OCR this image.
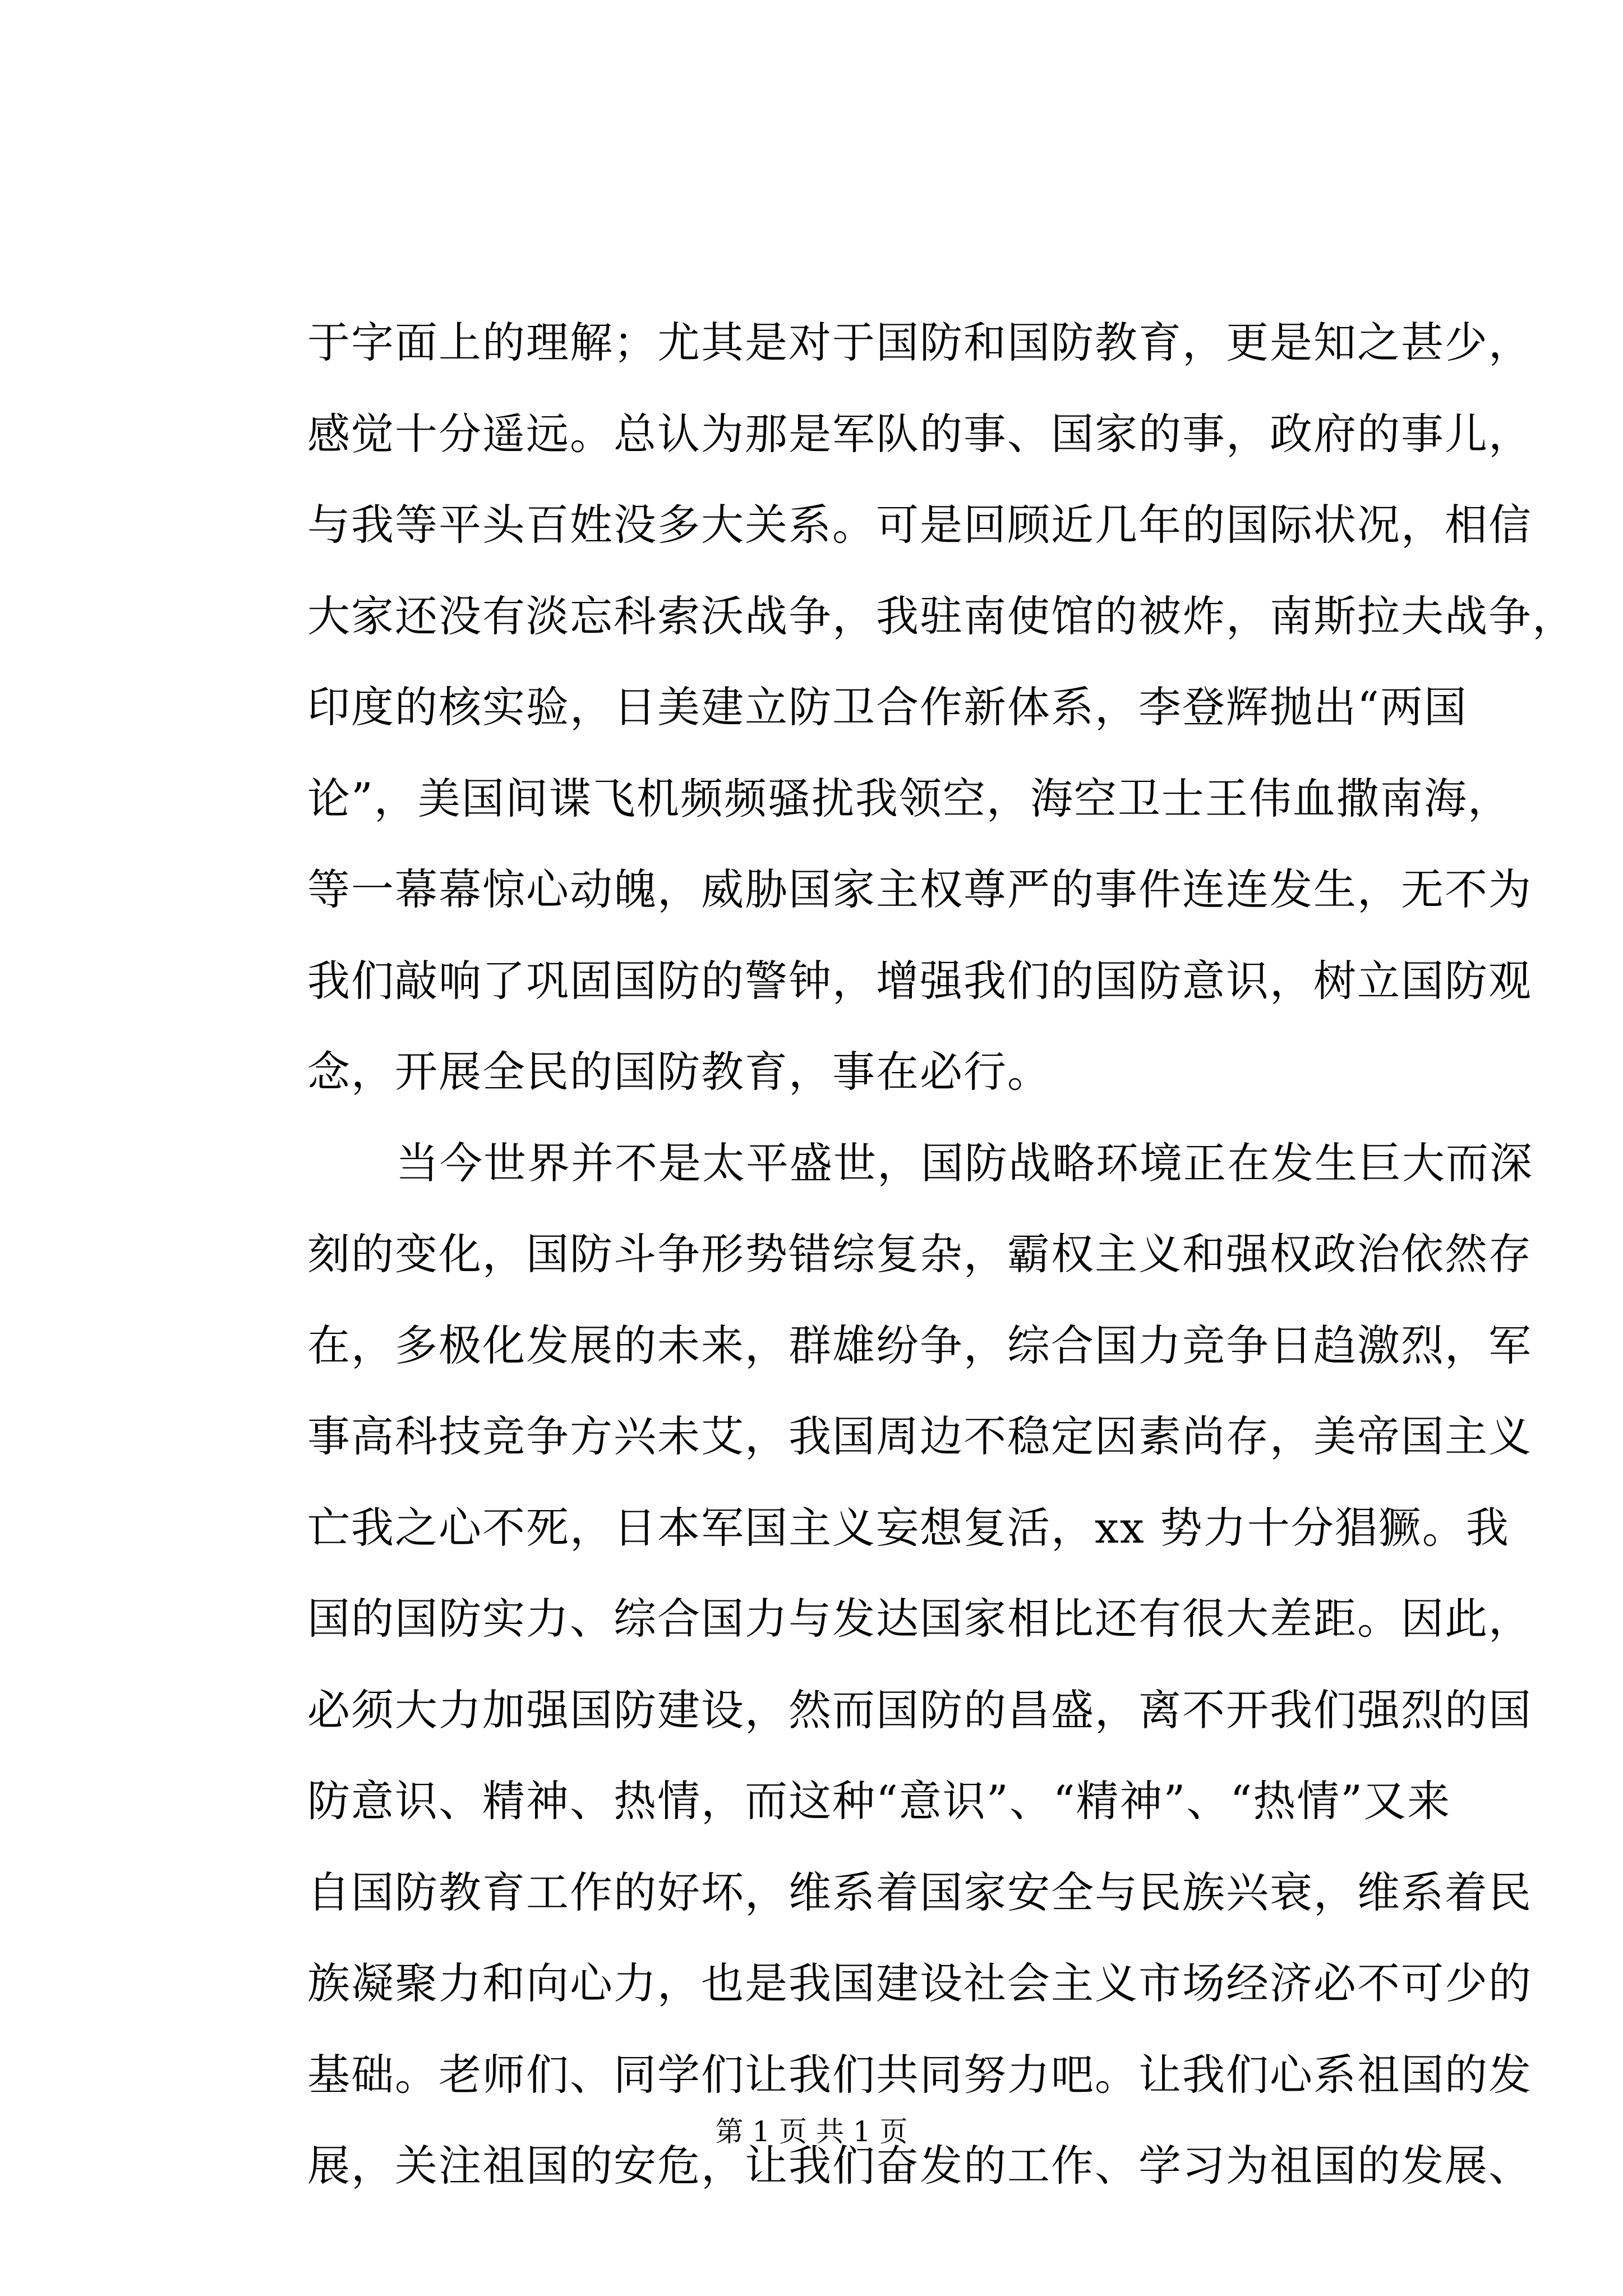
于字面上的理解；尤其是对于国防和国防教育，更是知之甚少，
感觉十分遥远。总认为那是军队的事、国家的事，政府的事儿，
与我等平头百姓没多大关系。可是回顾近几年的国际状况，相信
大家还没有淡忘科索沃战争，我驻南使馆的被炸，南斯拉夫战争，
印度的核实验，日美建立防卫合作新体系，李登辉抛出“两国
论”，美国间谍飞机频频骚扰我领空，海空卫士王伟血撒南海，
等一幕幕惊心动魄，威胁国家主权尊严的事件连连发生，无不为
我们敲响了巩固国防的警钟，增强我们的国防意识，树立国防观
念，开展全民的国防教育，事在必行。
当今世界并不是太平盛世，国防战略环境正在发生巨大而深
刻的变化，国防斗争形势错综复杂，霸权主义和强权政治依然存
在，多极化发展的未来，群雄纷争，综合国力竞争日趋激烈，军
事高科技竞争方兴未艾，我国周边不稳定因素尚存，美帝国主义
亡我之心不死，日本军国主义妄想复活，xx 势力十分猖獗。我
国的国防实力、综合国力与发达国家相比还有很大差距。因此，
必须大力加强国防建设，然而国防的昌盛，离不开我们强烈的国
防意识、精神、热情，而这种“意识”、“精神”、“热情”又来
自国防教育工作的好坏，维系着国家安全与民族兴衰，维系着民
族凝聚力和向心力，也是我国建设社会主义市场经济必不可少的
基础。老师们、同学们让我们共同努力吧。让我们心系祖国的发
展，关注祖国的安危，让我们奋发的工作、学习为祖国的发展、
第 1 页 共 1 页
